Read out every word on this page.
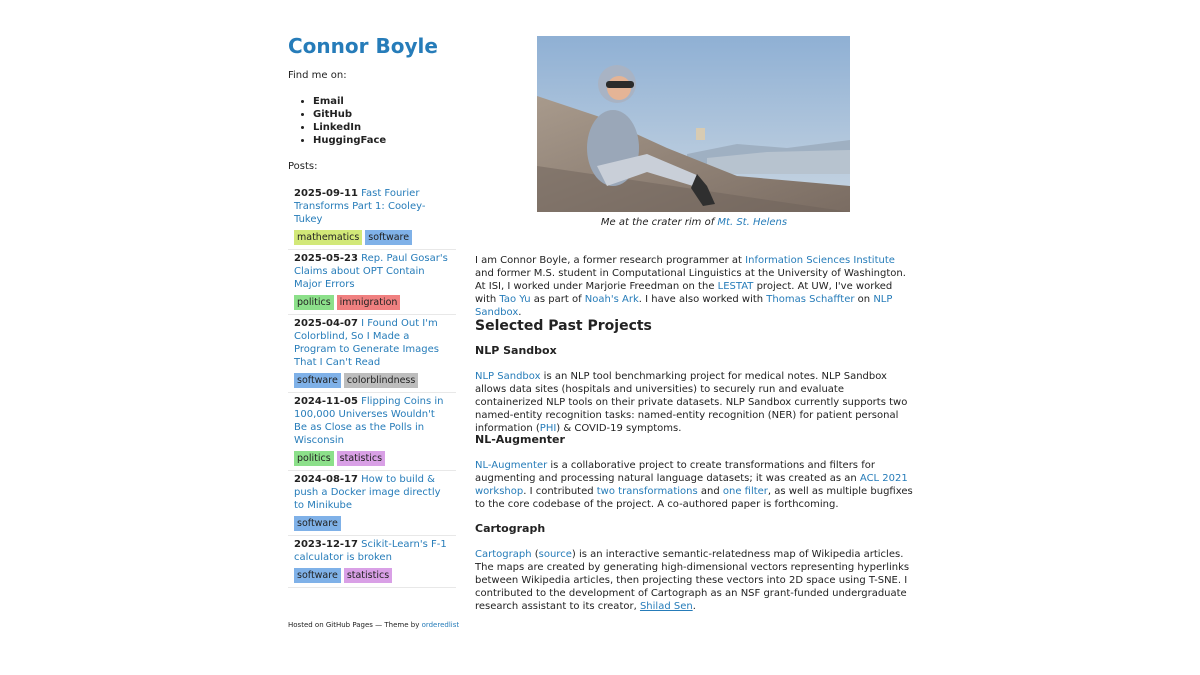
Connor Boyle

Find me on:

• Email
• GitHub
• LinkedIn
• HuggingFace

Posts:

2025-09-11 Fast Fourier Transforms Part 1: Cooley-Tukey
mathematics software
2025-05-23 Rep. Paul Gosar's Claims about OPT Contain Major Errors
politics immigration
2025-04-07 I Found Out I'm Colorblind, So I Made a Program to Generate Images That I Can't Read
software colorblindness
2024-11-05 Flipping Coins in 100,000 Universes Wouldn't Be as Close as the Polls in Wisconsin
politics statistics
2024-08-17 How to build & push a Docker image directly to Minikube
software
2023-12-17 Scikit-Learn's F-1 calculator is broken
software statistics
Hosted on GitHub Pages — Theme by orderedlist
Me at the crater rim of Mt. St. Helens

I am Connor Boyle, a former research programmer at Information Sciences Institute and former M.S. student in Computational Linguistics at the University of Washington. At ISI, I worked under Marjorie Freedman on the LESTAT project. At UW, I've worked with Tao Yu as part of Noah's Ark. I have also worked with Thomas Schaffter on NLP Sandbox.

Selected Past Projects
NLP Sandbox

NLP Sandbox is an NLP tool benchmarking project for medical notes. NLP Sandbox allows data sites (hospitals and universities) to securely run and evaluate containerized NLP tools on their private datasets. NLP Sandbox currently supports two named-entity recognition tasks: named-entity recognition (NER) for patient personal information (PHI) & COVID-19 symptoms.

NL-Augmenter

NL-Augmenter is a collaborative project to create transformations and filters for augmenting and processing natural language datasets; it was created as an ACL 2021 workshop. I contributed two transformations and one filter, as well as multiple bugfixes to the core codebase of the project. A co-authored paper is forthcoming.

Cartograph

Cartograph (source) is an interactive semantic-relatedness map of Wikipedia articles. The maps are created by generating high-dimensional vectors representing hyperlinks between Wikipedia articles, then projecting these vectors into 2D space using T-SNE. I contributed to the development of Cartograph as an NSF grant-funded undergraduate research assistant to its creator, Shilad Sen.
